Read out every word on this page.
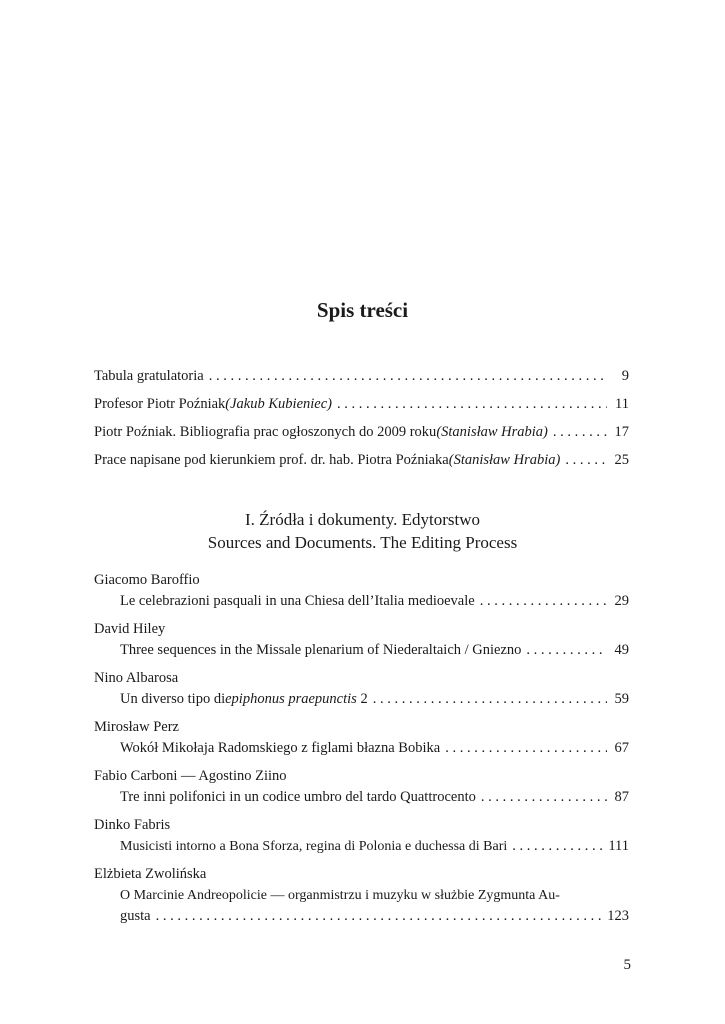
Spis treści
Tabula gratulatoria . . .	9
Profesor Piotr Poźniak (Jakub Kubieniec) . . .	11
Piotr Poźniak. Bibliografia prac ogłoszonych do 2009 roku (Stanisław Hrabia) . . .	17
Prace napisane pod kierunkiem prof. dr. hab. Piotra Poźniaka (Stanisław Hrabia) . . .	25
I. Źródła i dokumenty. Edytorstwo
Sources and Documents. The Editing Process
Giacomo Baroffio
Le celebrazioni pasquali in una Chiesa dell’Italia medioevale . . .	29
David Hiley
Three sequences in the Missale plenarium of Niederaltaich / Gniezno . . .	49
Nino Albarosa
Un diverso tipo di epiphonus praepunctis 2 . . .	59
Mirosław Perz
Wokół Mikołaja Radomskiego z figlami błazna Bobika . . .	67
Fabio Carboni — Agostino Ziino
Tre inni polifonici in un codice umbro del tardo Quattrocento . . .	87
Dinko Fabris
Musicisti intorno a Bona Sforza, regina di Polonia e duchessa di Bari . . .	111
Elżbieta Zwolińska
O Marcinie Andreopolicie — organmistrzu i muzyku w służbie Zygmunta Au-
gusta . . .	123
5
